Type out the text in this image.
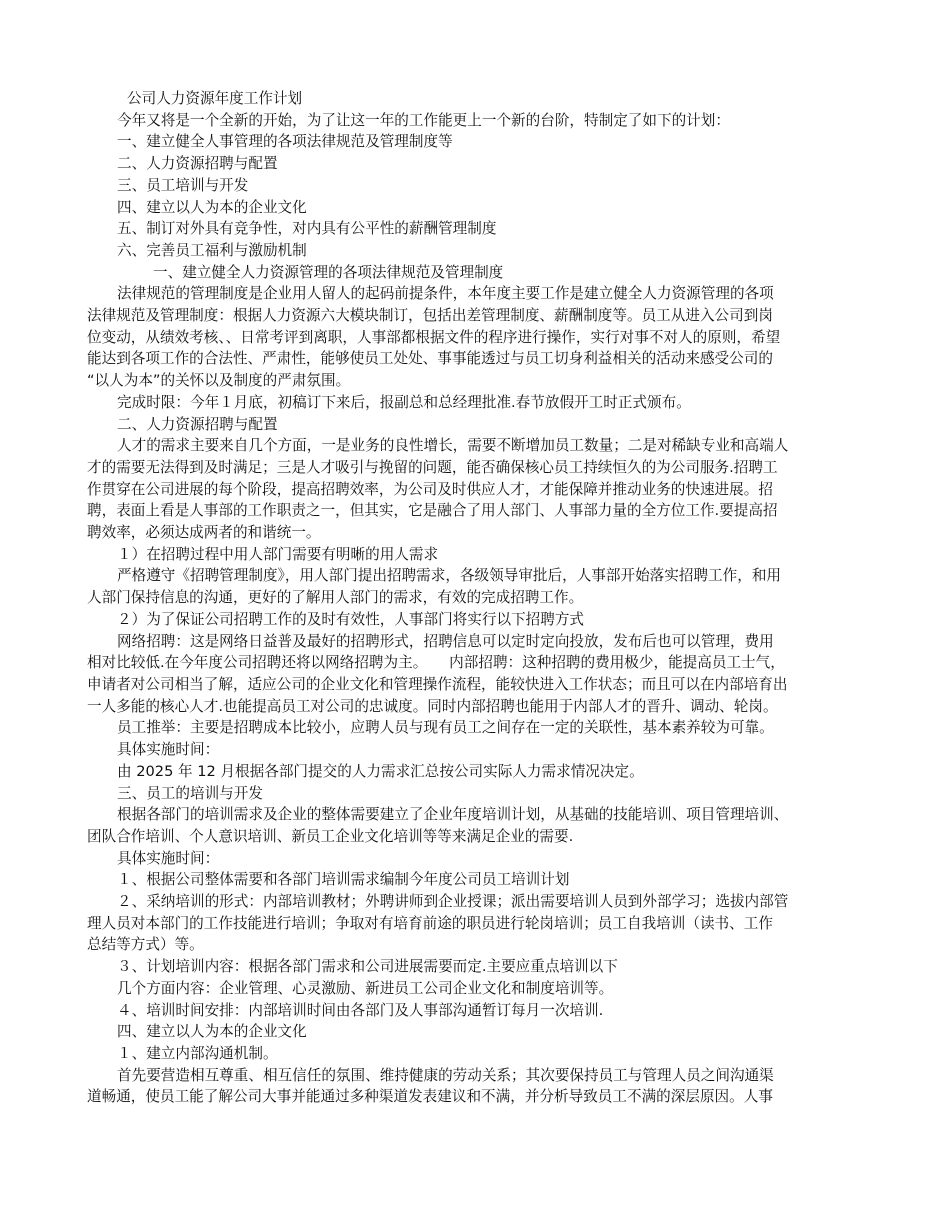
公司人力资源年度工作计划
今年又将是一个全新的开始，为了让这一年的工作能更上一个新的台阶，特制定了如下的计划：
一、建立健全人事管理的各项法律规范及管理制度等
二、人力资源招聘与配置
三、员工培训与开发
四、建立以人为本的企业文化
五、制订对外具有竞争性，对内具有公平性的薪酬管理制度
六、完善员工福利与激励机制
一、建立健全人力资源管理的各项法律规范及管理制度
法律规范的管理制度是企业用人留人的起码前提条件，本年度主要工作是建立健全人力资源管理的各项
法律规范及管理制度：根据人力资源六大模块制订，包括出差管理制度、薪酬制度等。员工从进入公司到岗
位变动，从绩效考核、、日常考评到离职，人事部都根据文件的程序进行操作，实行对事不对人的原则，希望
能达到各项工作的合法性、严肃性，能够使员工处处、事事能透过与员工切身利益相关的活动来感受公司的
“以人为本”的关怀以及制度的严肃氛围。
完成时限：今年１月底，初稿订下来后，报副总和总经理批准.春节放假开工时正式颁布。
二、人力资源招聘与配置
人才的需求主要来自几个方面，一是业务的良性增长，需要不断增加员工数量；二是对稀缺专业和高端人
才的需要无法得到及时满足；三是人才吸引与挽留的问题，能否确保核心员工持续恒久的为公司服务.招聘工
作贯穿在公司进展的每个阶段，提高招聘效率，为公司及时供应人才，才能保障并推动业务的快速进展。招
聘，表面上看是人事部的工作职责之一，但其实，它是融合了用人部门、人事部力量的全方位工作.要提高招
聘效率，必须达成两者的和谐统一。
１）在招聘过程中用人部门需要有明晰的用人需求
严格遵守《招聘管理制度》，用人部门提出招聘需求，各级领导审批后，人事部开始落实招聘工作，和用
人部门保持信息的沟通，更好的了解用人部门的需求，有效的完成招聘工作。
２）为了保证公司招聘工作的及时有效性，人事部门将实行以下招聘方式
网络招聘：这是网络日益普及最好的招聘形式，招聘信息可以定时定向投放，发布后也可以管理，费用
相对比较低.在今年度公司招聘还将以网络招聘为主。　　内部招聘：这种招聘的费用极少，能提高员工士气，
申请者对公司相当了解，适应公司的企业文化和管理操作流程，能较快进入工作状态；而且可以在内部培育出
一人多能的核心人才.也能提高员工对公司的忠诚度。同时内部招聘也能用于内部人才的晋升、调动、轮岗。
员工推举：主要是招聘成本比较小，应聘人员与现有员工之间存在一定的关联性，基本素养较为可靠。
具体实施时间：
由 2025 年 12 月根据各部门提交的人力需求汇总按公司实际人力需求情况决定。
三、员工的培训与开发
根据各部门的培训需求及企业的整体需要建立了企业年度培训计划，从基础的技能培训、项目管理培训、
团队合作培训、个人意识培训、新员工企业文化培训等等来满足企业的需要.
具体实施时间：
１、根据公司整体需要和各部门培训需求编制今年度公司员工培训计划
２、采纳培训的形式：内部培训教材；外聘讲师到企业授课；派出需要培训人员到外部学习；选拔内部管
理人员对本部门的工作技能进行培训；争取对有培育前途的职员进行轮岗培训；员工自我培训（读书、工作
总结等方式）等。
３、计划培训内容：根据各部门需求和公司进展需要而定.主要应重点培训以下
几个方面内容：企业管理、心灵激励、新进员工公司企业文化和制度培训等。
４、培训时间安排：内部培训时间由各部门及人事部沟通暂订每月一次培训.
四、建立以人为本的企业文化
１、建立内部沟通机制。
首先要营造相互尊重、相互信任的氛围、维持健康的劳动关系；其次要保持员工与管理人员之间沟通渠
道畅通，使员工能了解公司大事并能通过多种渠道发表建议和不满，并分析导致员工不满的深层原因。人事
